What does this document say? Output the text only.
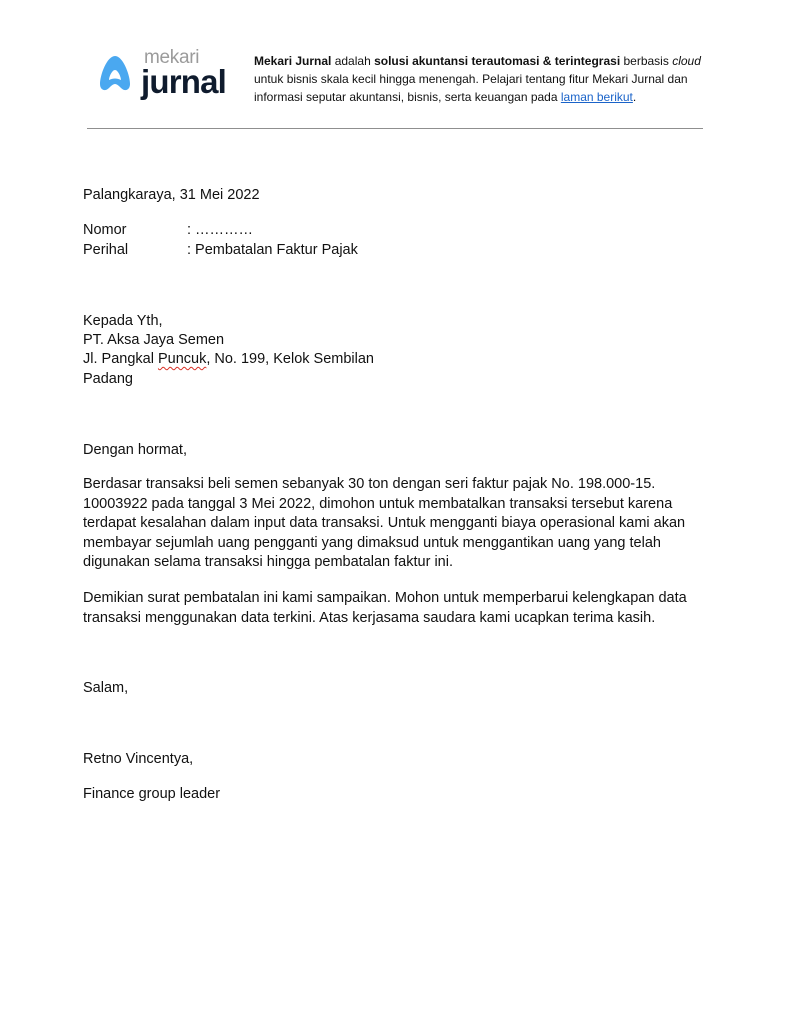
mekari
jurnal
Mekari Jurnal adalah solusi akuntansi terautomasi & terintegrasi berbasis cloud untuk bisnis skala kecil hingga menengah. Pelajari tentang fitur Mekari Jurnal dan informasi seputar akuntansi, bisnis, serta keuangan pada laman berikut.
Palangkaraya, 31 Mei 2022
Nomor	: …………
Perihal	: Pembatalan Faktur Pajak
Kepada Yth,
PT. Aksa Jaya Semen
Jl. Pangkal Puncuk, No. 199, Kelok Sembilan
Padang
Dengan hormat,
Berdasar transaksi beli semen sebanyak 30 ton dengan seri faktur pajak No. 198.000-15. 10003922 pada tanggal 3 Mei 2022, dimohon untuk membatalkan transaksi tersebut karena terdapat kesalahan dalam input data transaksi. Untuk mengganti biaya operasional kami akan membayar sejumlah uang pengganti yang dimaksud untuk menggantikan uang yang telah digunakan selama transaksi hingga pembatalan faktur ini.
Demikian surat pembatalan ini kami sampaikan. Mohon untuk memperbarui kelengkapan data transaksi menggunakan data terkini. Atas kerjasama saudara kami ucapkan terima kasih.
Salam,
Retno Vincentya,
Finance group leader
